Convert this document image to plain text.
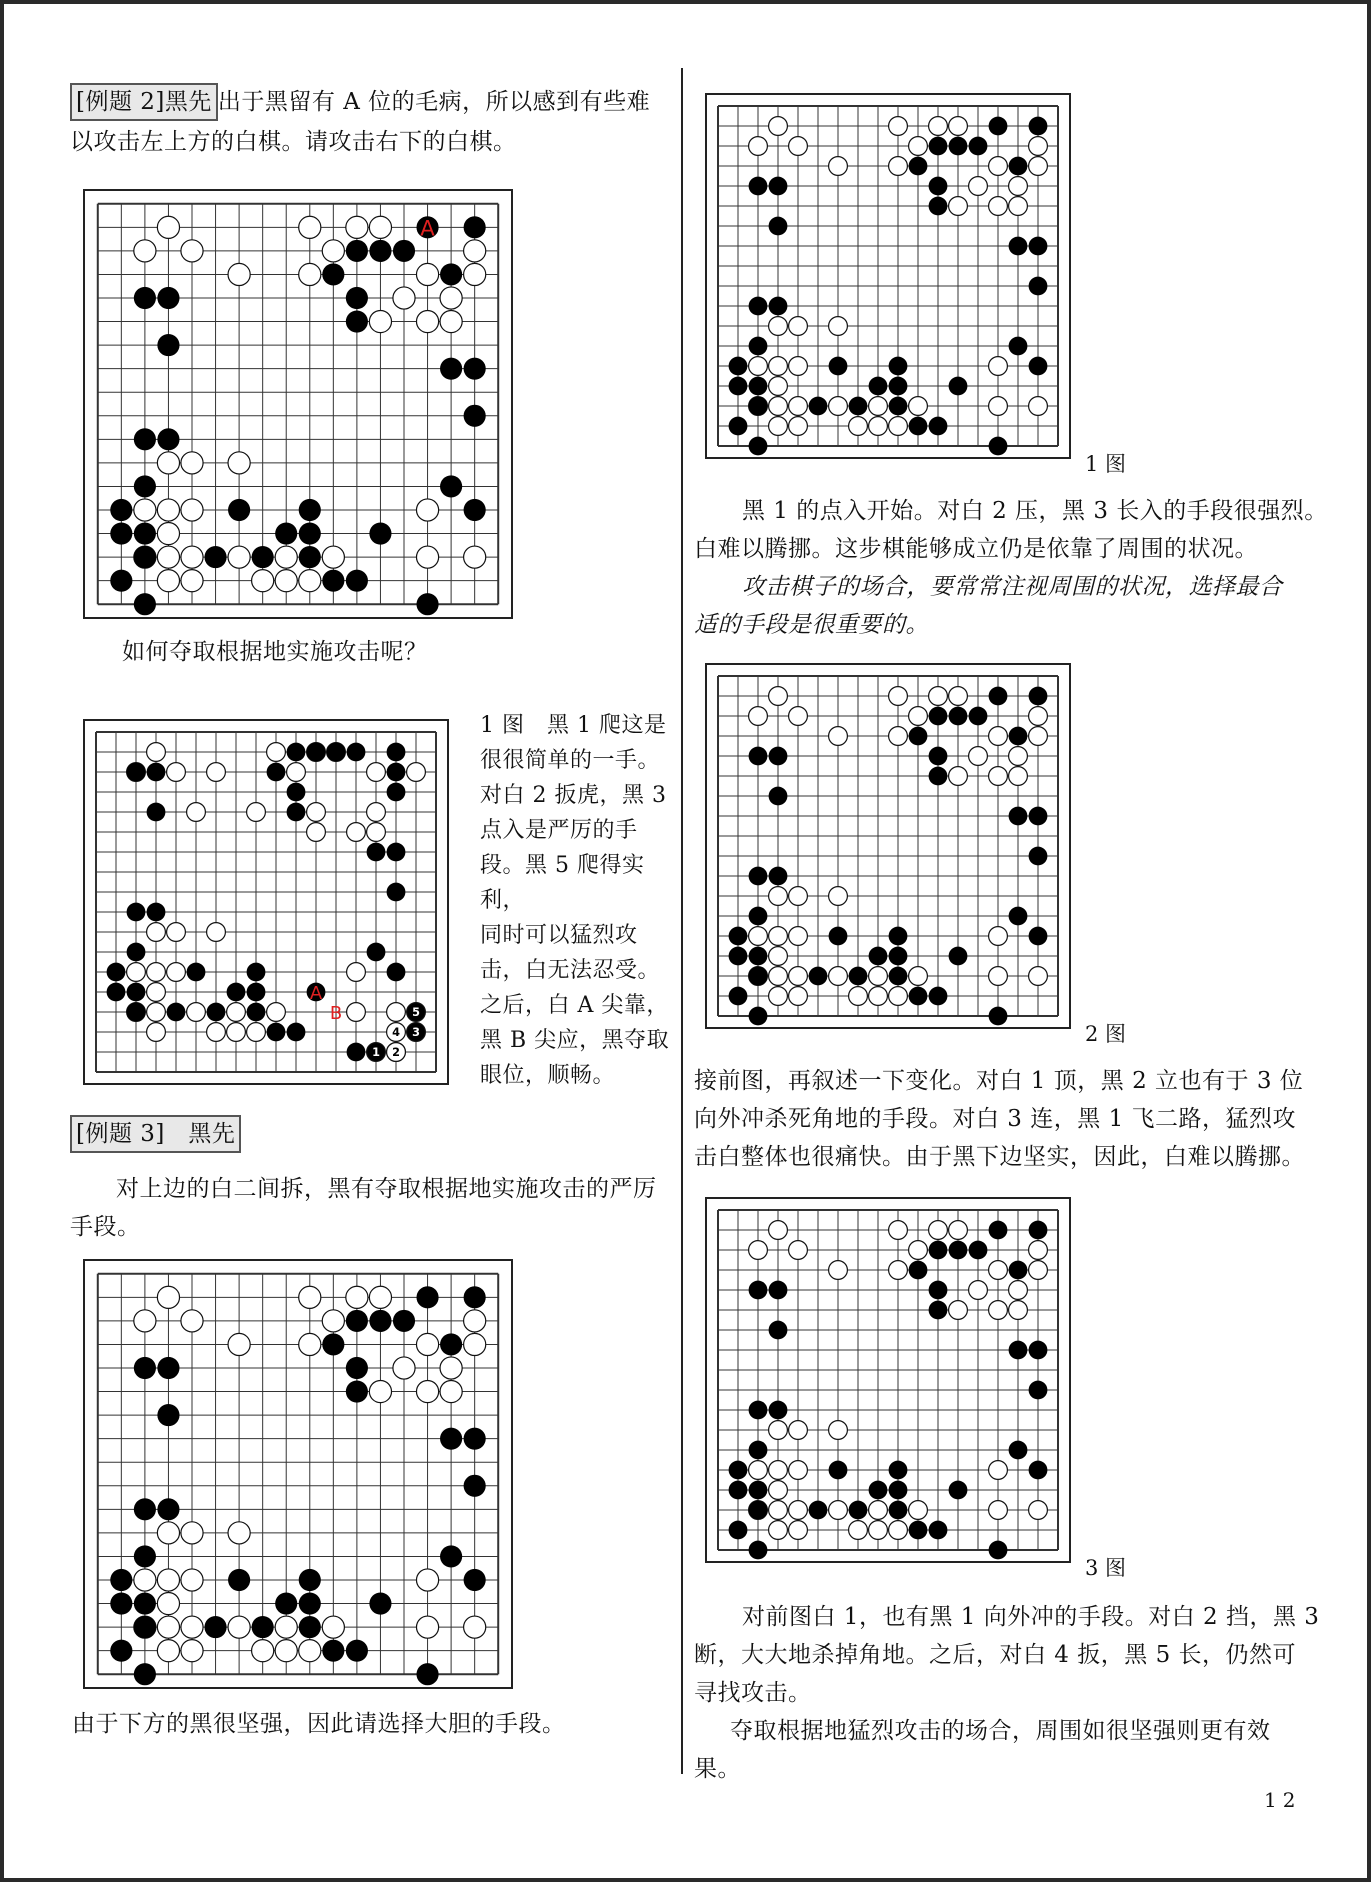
[例题 2]黑先 出于黑留有 A 位的毛病，所以感到有些难
以攻击左上方的白棋。请攻击右下的白棋。
A
如何夺取根据地实施攻击呢？
1 2
3
4
5
A
B
1 图　黑 1 爬这是
很很简单的一手。
对白 2 扳虎，黑 3
点入是严厉的手
段。黑 5 爬得实利，
同时可以猛烈攻
击，白无法忍受。
之后，白 A 尖靠，
黑 B 尖应，黑夺取
眼位，顺畅。
[例题 3]　黑先
对上边的白二间拆，黑有夺取根据地实施攻击的严厉
手段。
由于下方的黑很坚强，因此请选择大胆的手段。
1 图
黑 1 的点入开始。对白 2 压，黑 3 长入的手段很强烈。
白难以腾挪。这步棋能够成立仍是依靠了周围的状况。
攻击棋子的场合，要常常注视周围的状况，选择最合
适的手段是很重要的。
2 图
接前图，再叙述一下变化。对白 1 顶，黑 2 立也有于 3 位
向外冲杀死角地的手段。对白 3 连，黑 1 飞二路，猛烈攻
击白整体也很痛快。由于黑下边坚实，因此，白难以腾挪。
3 图
对前图白 1，也有黑 1 向外冲的手段。对白 2 挡，黑 3
断，大大地杀掉角地。之后，对白 4 扳，黑 5 长，仍然可
寻找攻击。
夺取根据地猛烈攻击的场合，周围如很坚强则更有效
果。
12
